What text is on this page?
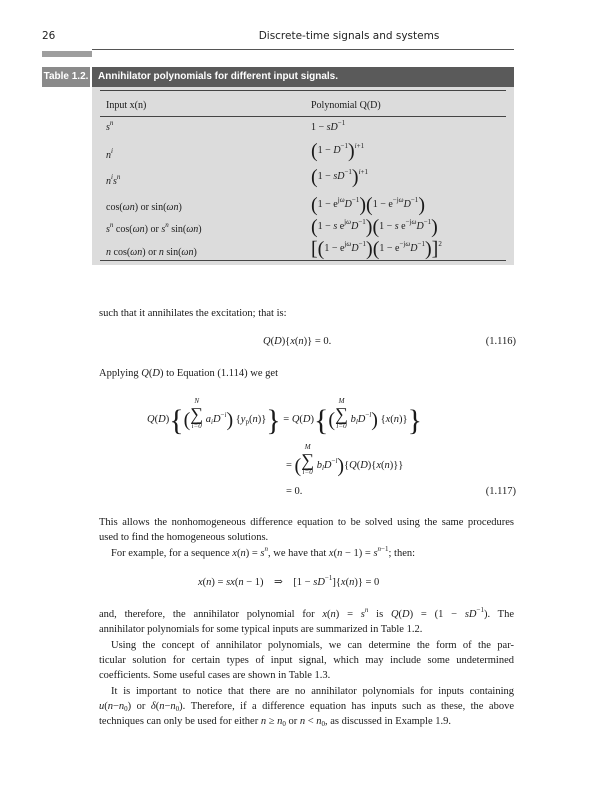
26	Discrete-time signals and systems
Table 1.2. Annihilator polynomials for different input signals.
Input x(n)	Polynomial Q(D)
$s^n$	$1 - sD^{-1}$
$n^i$	$(1 - D^{-1})^{i+1}$
$n^is^n$	$(1 - sD^{-1})^{i+1}$
cos(ωn) or sin(ωn)	$(1 - e^{j\omega}D^{-1})(1 - e^{-j\omega}D^{-1})$
$s^n$ cos(ωn) or $s^n$ sin(ωn)	(1 − s $e^{j\omega}D^{-1})(1 - s$ $e^{-j\omega}D^{-1}$)
n cos(ωn) or n sin(ωn)	$[(1 - e^{j\omega}D^{-1})(1 - e^{-j\omega}D^{-1})]^2$
such that it annihilates the excitation; that is:
Q(D){x(n)} = 0.	(1.116)
Applying Q(D) to Equation (1.114) we get
Q(D){(
N
∑
i=0
$a_iD^{-i}$) $\{y_p(n)\}\} = Q(D)${(
M
∑
l=0
$b_lD^{-l}$) {x(n)}}
= (
M
∑
l=0
$b_lD^{-l})\{Q(D)\{x(n)\}\}$
= 0.	(1.117)
This allows the nonhomogeneous difference equation to be solved using the same procedures
used to find the homogeneous solutions.
For example, for a sequence $x(n) = s^n$, we have that $x(n - 1) = s^{n-1}$; then:
x(n) = sx(n − 1)    ⇒    $[1 - sD^{-1}]\{x(n)\} = 0$
and, therefore, the annihilator polynomial for $x(n) = s^n$ is $Q(D) = (1 - sD^{-1})$. The
annihilator polynomials for some typical inputs are summarized in Table 1.2.
Using the concept of annihilator polynomials, we can determine the form of the par-
ticular solution for certain types of input signal, which may include some undetermined
coefficients. Some useful cases are shown in Table 1.3.
It is important to notice that there are no annihilator polynomials for inputs containing
$u(n-n_0)$ or $\delta(n-n_0)$. Therefore, if a difference equation has inputs such as these, the above
techniques can only be used for either $n \ge n_0$ or $n < n_0$, as discussed in Example 1.9.
